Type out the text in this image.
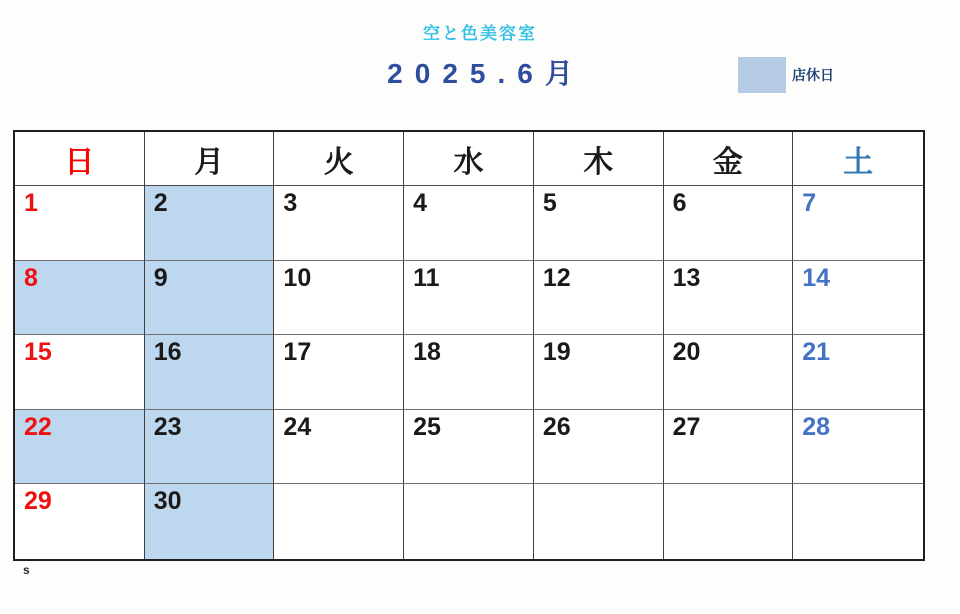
空と色美容室
2025.6月	店休日
日	月	火	水	木	金	土
1	2	3	4	5	6	7
8	9	10	11	12	13	14
15	16	17	18	19	20	21
22	23	24	25	26	27	28
29	30
s
